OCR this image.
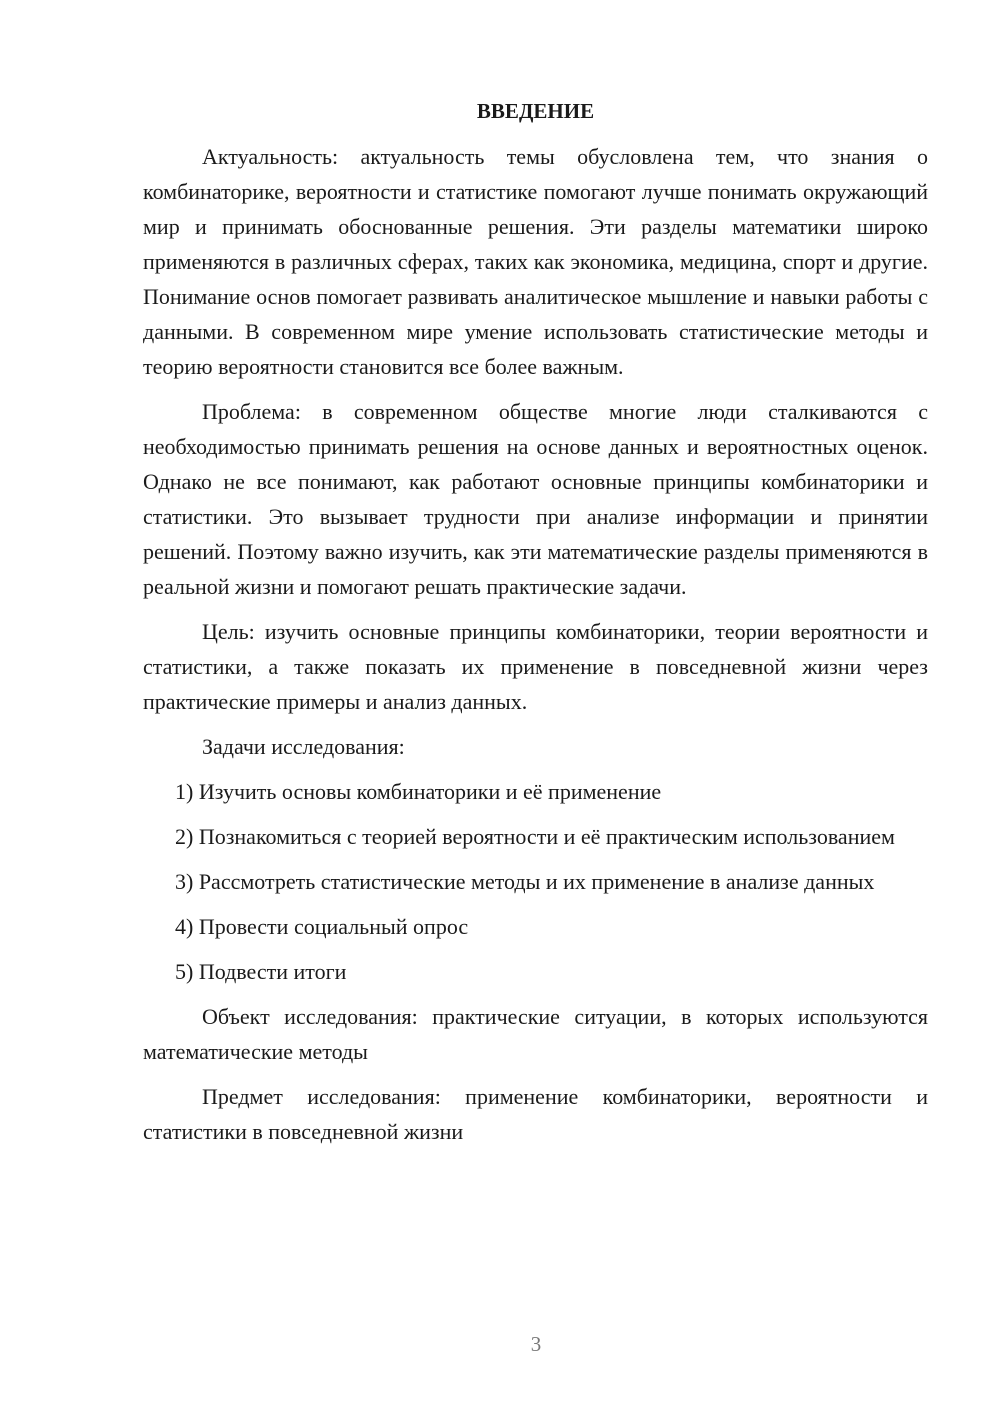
ВВЕДЕНИЕ

Актуальность: актуальность темы обусловлена тем, что знания о комбинаторике, вероятности и статистике помогают лучше понимать окружающий мир и принимать обоснованные решения. Эти разделы математики широко применяются в различных сферах, таких как экономика, медицина, спорт и другие. Понимание основ помогает развивать аналитическое мышление и навыки работы с данными. В современном мире умение использовать статистические методы и теорию вероятности становится все более важным.

Проблема: в современном обществе многие люди сталкиваются с необходимостью принимать решения на основе данных и вероятностных оценок. Однако не все понимают, как работают основные принципы комбинаторики и статистики. Это вызывает трудности при анализе информации и принятии решений. Поэтому важно изучить, как эти математические разделы применяются в реальной жизни и помогают решать практические задачи.

Цель: изучить основные принципы комбинаторики, теории вероятности и статистики, а также показать их применение в повседневной жизни через практические примеры и анализ данных.

Задачи исследования:

1) Изучить основы комбинаторики и её применение

2) Познакомиться с теорией вероятности и её практическим использованием

3) Рассмотреть статистические методы и их применение в анализе данных

4) Провести социальный опрос

5) Подвести итоги

Объект исследования: практические ситуации, в которых используются математические методы

Предмет исследования: применение комбинаторики, вероятности и статистики в повседневной жизни

3
